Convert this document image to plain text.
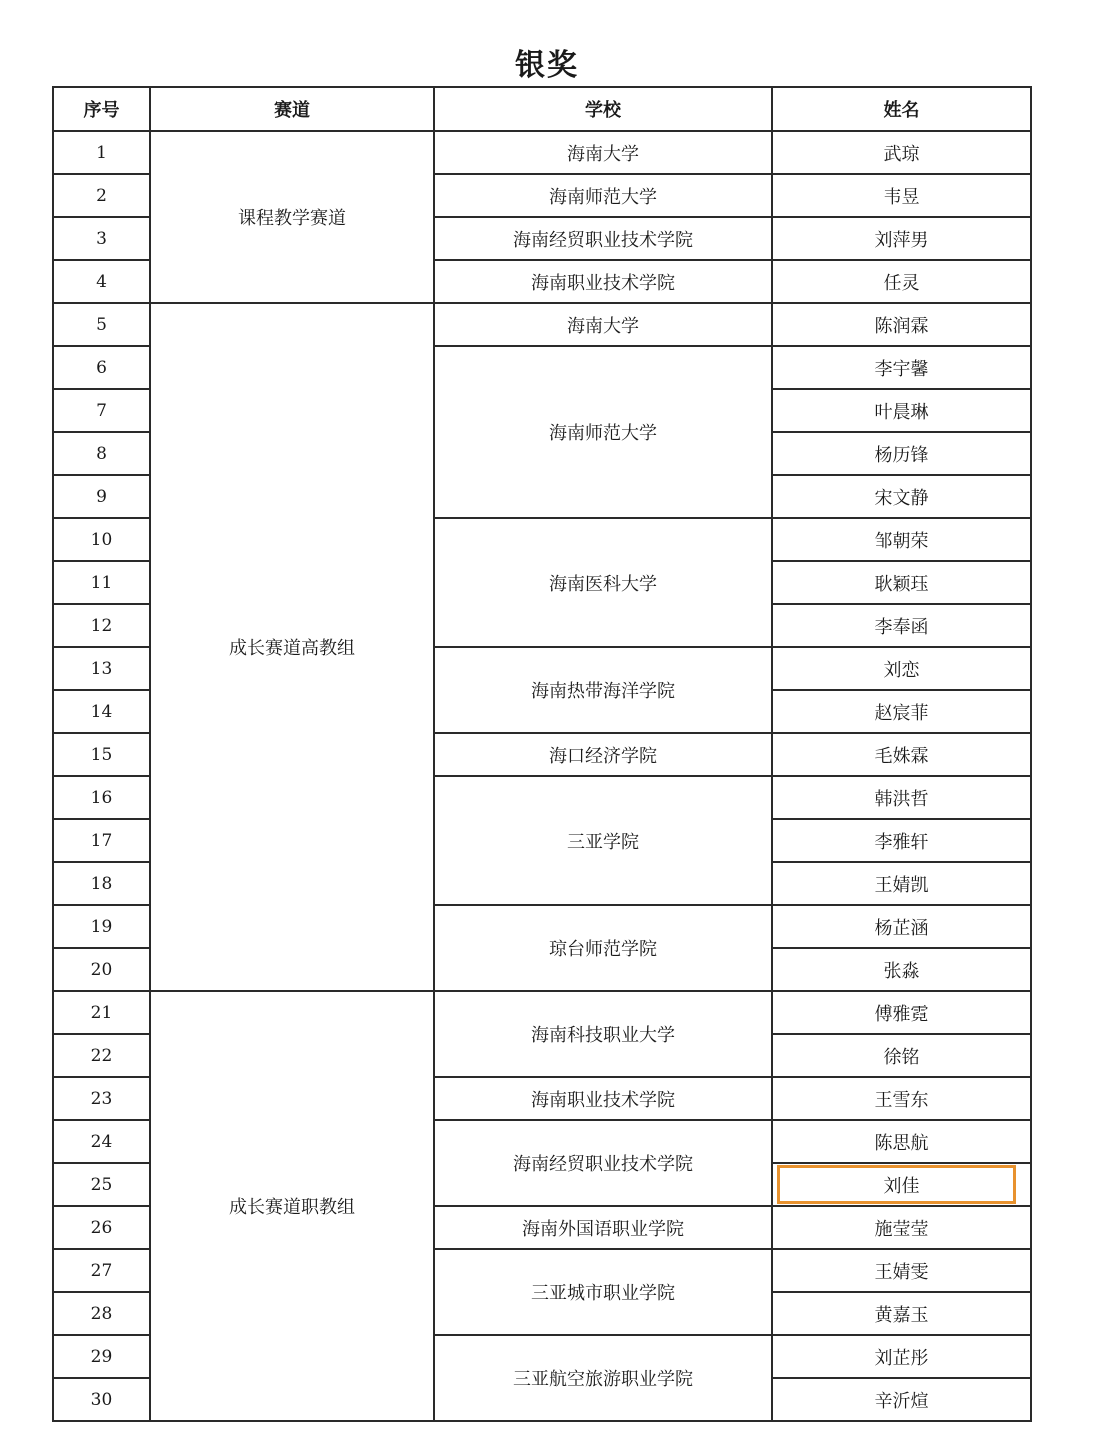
银奖
序号	赛道	学校	姓名
1	课程教学赛道	海南大学	武琼
2		海南师范大学	韦昱
3		海南经贸职业技术学院	刘萍男
4		海南职业技术学院	任灵
5	成长赛道高教组	海南大学	陈润霖
6		海南师范大学	李宇馨
7			叶晨琳
8			杨历锋
9			宋文静
10		海南医科大学	邹朝荣
11			耿颖珏
12			李奉函
13		海南热带海洋学院	刘恋
14			赵宸菲
15		海口经济学院	毛姝霖
16		三亚学院	韩洪哲
17			李雅轩
18			王婧凯
19		琼台师范学院	杨芷涵
20			张淼
21	成长赛道职教组	海南科技职业大学	傅雅霓
22			徐铭
23		海南职业技术学院	王雪东
24		海南经贸职业技术学院	陈思航
25			刘佳

26		海南外国语职业学院	施莹莹
27		三亚城市职业学院	王婧雯
28			黄嘉玉
29		三亚航空旅游职业学院	刘芷彤
30			辛沂煊
